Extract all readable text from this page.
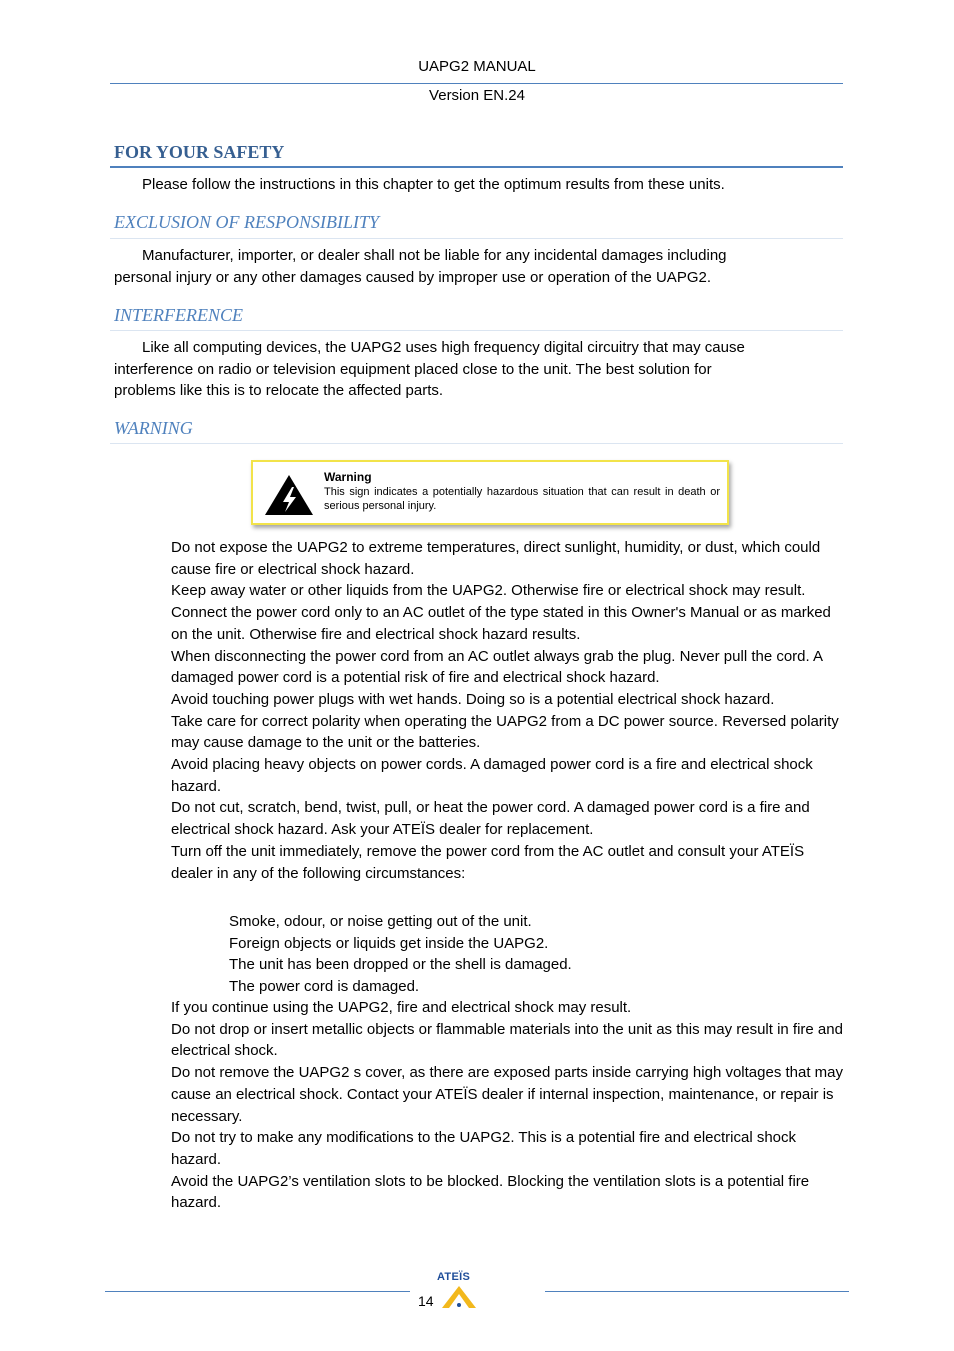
UAPG2 MANUAL
Version EN.24
FOR YOUR SAFETY
Please follow the instructions in this chapter to get the optimum results from these units.
EXCLUSION OF RESPONSIBILITY
Manufacturer, importer, or dealer shall not be liable for any incidental damages including
personal injury or any other damages caused by improper use or operation of the UAPG2.
INTERFERENCE
Like all computing devices, the UAPG2 uses high frequency digital circuitry that may cause
interference on radio or television equipment placed close to the unit. The best solution for
problems like this is to relocate the affected parts.
WARNING
Warning
This sign indicates a potentially hazardous situation that can result in death or serious personal injury.
Do not expose the UAPG2 to extreme temperatures, direct sunlight, humidity, or dust, which could cause fire or electrical shock hazard.
Keep away water or other liquids from the UAPG2. Otherwise fire or electrical shock may result.
Connect the power cord only to an AC outlet of the type stated in this Owner's Manual or as marked on the unit. Otherwise fire and electrical shock hazard results.
When disconnecting the power cord from an AC outlet always grab the plug. Never pull the cord. A damaged power cord is a potential risk of fire and electrical shock hazard.
Avoid touching power plugs with wet hands. Doing so is a potential electrical shock hazard.
Take care for correct polarity when operating the UAPG2 from a DC power source. Reversed polarity may cause damage to the unit or the batteries.
Avoid placing heavy objects on power cords. A damaged power cord is a fire and electrical shock hazard.
Do not cut, scratch, bend, twist, pull, or heat the power cord. A damaged power cord is a fire and electrical shock hazard. Ask your ATEÏS dealer for replacement.
Turn off the unit immediately, remove the power cord from the AC outlet and consult your ATEÏS dealer in any of the following circumstances:
Smoke, odour, or noise getting out of the unit.
Foreign objects or liquids get inside the UAPG2.
The unit has been dropped or the shell is damaged.
The power cord is damaged.
If you continue using the UAPG2, fire and electrical shock may result.
Do not drop or insert metallic objects or flammable materials into the unit as this may result in fire and electrical shock.
Do not remove the UAPG2 s cover, as there are exposed parts inside carrying high voltages that may cause an electrical shock. Contact your ATEÏS dealer if internal inspection, maintenance, or repair is necessary.
Do not try to make any modifications to the UAPG2. This is a potential fire and electrical shock hazard.
Avoid the UAPG2’s ventilation slots to be blocked. Blocking the ventilation slots is a potential fire hazard.
14
ATEÏS
